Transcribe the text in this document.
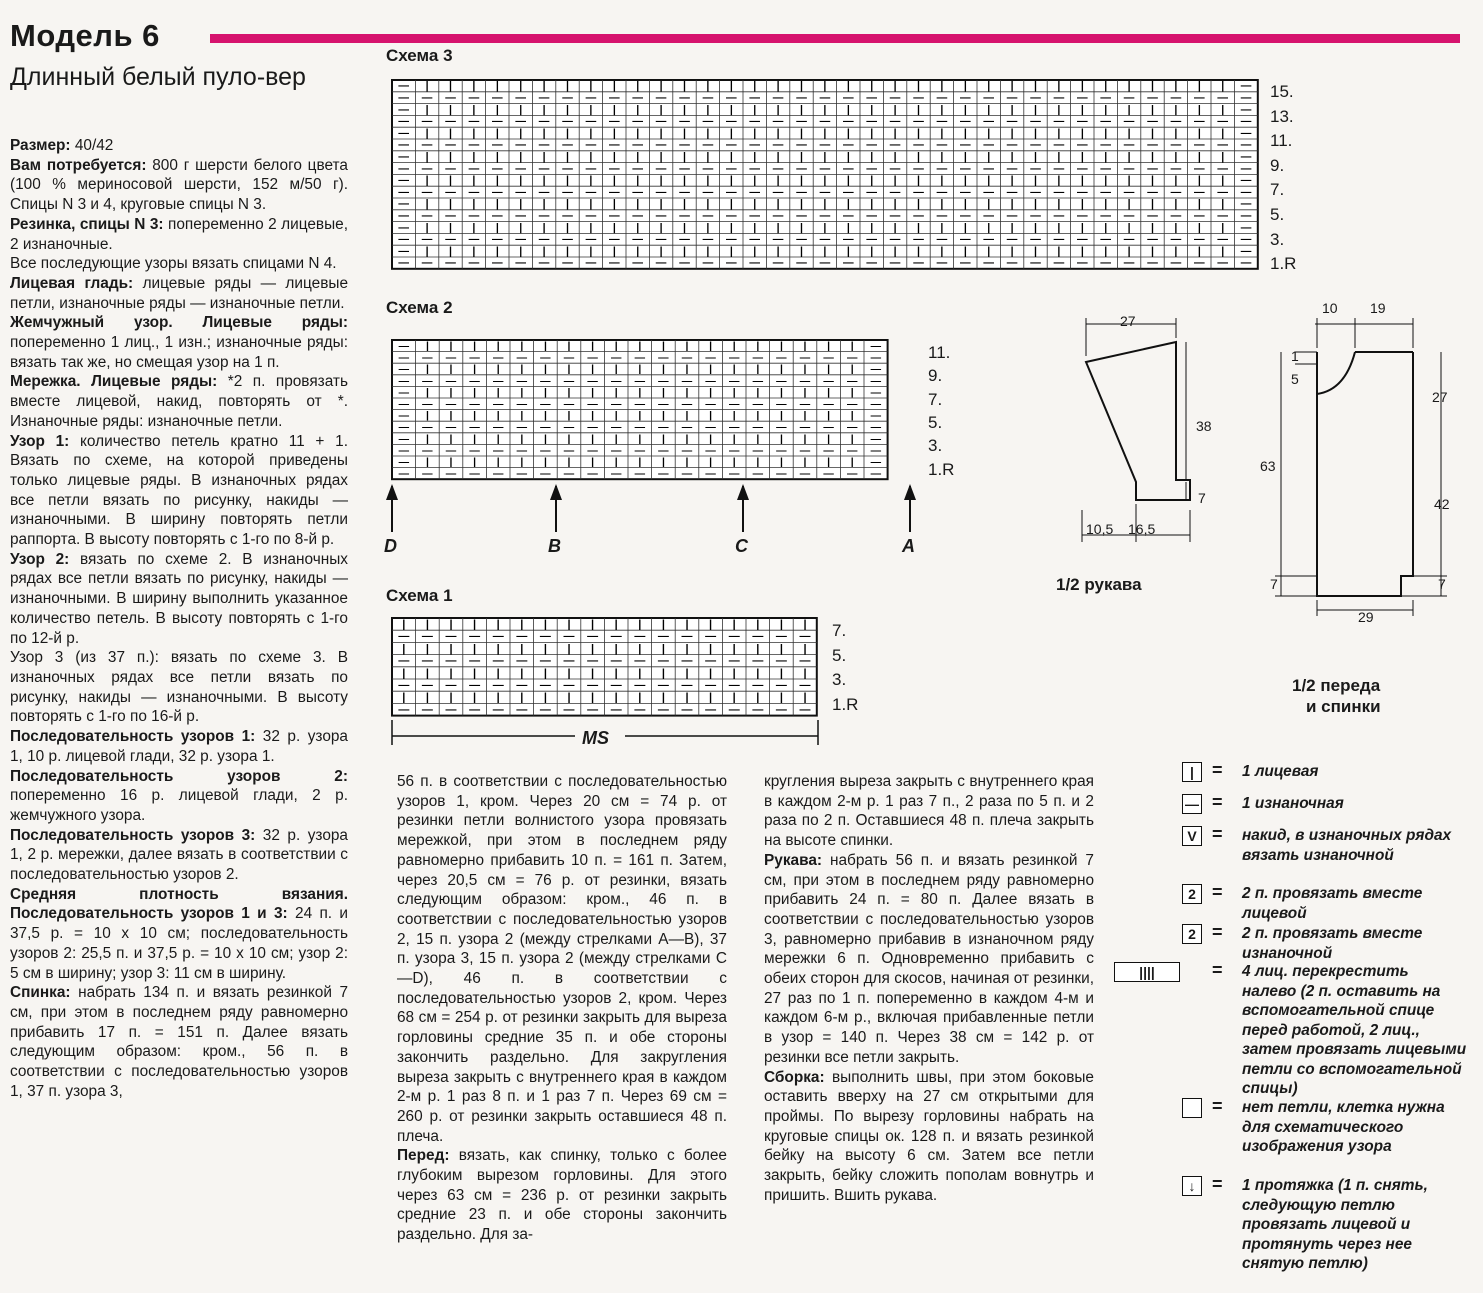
Модель 6
Длинный белый пуло-вер

Размер: 40/42

Вам потребуется: 800 г шерсти белого цвета (100 % мериносовой шерсти, 152 м/50 г). Спицы N 3 и 4, круговые спицы N 3.

Резинка, спицы N 3: попеременно 2 лицевые, 2 изнаночные.

Все последующие узоры вязать спицами N 4.

Лицевая гладь: лицевые ряды — лицевые петли, изнаночные ряды — изнаночные петли.

Жемчужный узор. Лицевые ряды: попеременно 1 лиц., 1 изн.; изнаночные ряды: вязать так же, но смещая узор на 1 п.

Мережка. Лицевые ряды: *2 п. провязать вместе лицевой, накид, повторять от *. Изнаночные ряды: изнаночные петли.

Узор 1: количество петель кратно 11 + 1. Вязать по схеме, на которой приведены только лицевые ряды. В изнаночных рядах все петли вязать по рисунку, накиды — изнаночными. В ширину повторять петли раппорта. В высоту повторять с 1-го по 8-й р.

Узор 2: вязать по схеме 2. В изнаночных рядах все петли вязать по рисунку, накиды — изнаночными. В ширину выполнить указанное количество петель. В высоту повторять с 1-го по 12-й р.

Узор 3 (из 37 п.): вязать по схеме 3. В изнаночных рядах все петли вязать по рисунку, накиды — изнаночными. В высоту повторять с 1-го по 16-й р.

Последовательность узоров 1: 32 р. узора 1, 10 р. лицевой глади, 32 р. узора 1.

Последовательность узоров 2: попеременно 16 р. лицевой глади, 2 р. жемчужного узора.

Последовательность узоров 3: 32 р. узора 1, 2 р. мережки, далее вязать в соответствии с последовательностью узоров 2.

Средняя плотность вязания. Последовательность узоров 1 и 3: 24 п. и 37,5 р. = 10 х 10 см; последовательность узоров 2: 25,5 п. и 37,5 р. = 10 х 10 см; узор 2: 5 см в ширину; узор 3: 11 см в ширину.

Спинка: набрать 134 п. и вязать резинкой 7 см, при этом в последнем ряду равномерно прибавить 17 п. = 151 п. Далее вязать следующим образом: кром., 56 п. в соответствии с последовательностью узоров 1, 37 п. узора 3,

56 п. в соответствии с последовательностью узоров 1, кром. Через 20 см = 74 р. от резинки петли волнистого узора провязать мережкой, при этом в последнем ряду равномерно прибавить 10 п. = 161 п. Затем, через 20,5 см = 76 р. от резинки, вязать следующим образом: кром., 46 п. в соответствии с последовательностью узоров 2, 15 п. узора 2 (между стрелками А—В), 37 п. узора 3, 15 п. узора 2 (между стрелками С—D), 46 п. в соответствии с последовательностью узоров 2, кром. Через 68 см = 254 р. от резинки закрыть для выреза горловины средние 35 п. и обе стороны закончить раздельно. Для закругления выреза закрыть с внутреннего края в каждом 2-м р. 1 раз 8 п. и 1 раз 7 п. Через 69 см = 260 р. от резинки закрыть оставшиеся 48 п. плеча.

Перед: вязать, как спинку, только с более глубоким вырезом горловины. Для этого через 63 см = 236 р. от резинки закрыть средние 23 п. и обе стороны закончить раздельно. Для за-

кругления выреза закрыть с внутреннего края в каждом 2-м р. 1 раз 7 п., 2 раза по 5 п. и 2 раза по 2 п. Оставшиеся 48 п. плеча закрыть на высоте спинки.

Рукава: набрать 56 п. и вязать резинкой 7 см, при этом в последнем ряду равномерно прибавить 24 п. = 80 п. Далее вязать в соответствии с последовательностью узоров 3, равномерно прибавив в изнаночном ряду мережки 6 п. Одновременно прибавить с обеих сторон для скосов, начиная от резинки, 27 раз по 1 п. попеременно в каждом 4-м и каждом 6-м р., включая прибавленные петли в узор = 140 п. Через 38 см = 142 р. от резинки все петли закрыть.

Сборка: выполнить швы, при этом боковые оставить вверху на 27 см открытыми для проймы. По вырезу горловины набрать на круговые спицы ок. 128 п. и вязать резинкой бейку на высоту 6 см. Затем все петли закрыть, бейку сложить пополам вовнутрь и пришить. Вшить рукава.

Схема 3
Схема 2
Схема 1
— | | | | | | | | | | | | | | | | | | | | | | | | | | | | | | | | | | | —
— — — — — — — — — — — — — — — — — — — — — — — — — — — — — — — — — — — — —
— | | | | | | | | | | | | | | | | | | | | | | | | | | | | | | | | | | | —
— — — — — — — — — — — — — — — — — — — — — — — — — — — — — — — — — — — — —
— | | | | | | | | | | | | | | | | | | | | | | | | | | | | | | | | | | | —
— — — — — — — — — — — — — — — — — — — — — — — — — — — — — — — — — — — — —
— | | | | | | | | | | | | | | | | | | | | | | | | | | | | | | | | | | | —
— — — — — — — — — — — — — — — — — — — — — — — — — — — — — — — — — — — — —
— | | | | | | | | | | | | | | | | | | | | | | | | | | | | | | | | | | | —
— — — — — — — — — — — — — — — — — — — — — — — — — — — — — — — — — — — — —
— | | | | | | | | | | | | | | | | | | | | | | | | | | | | | | | | | | | —
— — — — — — — — — — — — — — — — — — — — — — — — — — — — — — — — — — — — —
— | | | | | | | | | | | | | | | | | | | | | | | | | | | | | | | | | | | —
— — — — — — — — — — — — — — — — — — — — — — — — — — — — — — — — — — — — —
— | | | | | | | | | | | | | | | | | | | | | | | | | | | | | | | | | | | —
— — — — — — — — — — — — — — — — — — — — — — — — — — — — — — — — — — — — —
— | | | | | | | | | | | | | | | | | | | —
— — — — — — — — — — — — — — — — — — — — —
— | | | | | | | | | | | | | | | | | | | —
— — — — — — — — — — — — — — — — — — — — —
— | | | | | | | | | | | | | | | | | | | —
— — — — — — — — — — — — — — — — — — — — —
— | | | | | | | | | | | | | | | | | | | —
— — — — — — — — — — — — — — — — — — — — —
— | | | | | | | | | | | | | | | | | | | —
— — — — — — — — — — — — — — — — — — — — —
— | | | | | | | | | | | | | | | | | | | —
— — — — — — — — — — — — — — — — — — — — —
| | | | | | | | | | | | | | | | | |
— — — — — — — — — — — — — — — — — —
| | | | | | | | | | | | | | | | | |
— — — — — — — — — — — — — — — — — —
| | | | | | | | | | | | | | | | | |
— — — — — — — — — — — — — — — — — —
| | | | | | | | | | | | | | | | | |
— — — — — — — — — — — — — — — — — —
15.
13.
11.
9.
7.
5.
3.
1.R
11.
9.
7.
5.
3.
1.R
7.
5.
3.
1.R
D	B	C	A
MS
27
38
7
10,5 16,5
1/2 рукава
10 19
1
5
27
63
42
7	7
29
1/2 переда
и спинки
|	= 1 лицевая
— = 1 изнаночная
V = накид, в изнаночных рядах вязать изнаночной
2 = 2 п. провязать вместе лицевой
2 = 2 п. провязать вместе изнаночной
||||	= 4 лиц. перекрестить налево (2 п. оставить на вспомогательной спице перед работой, 2 лиц., затем провязать лицевыми петли со вспомогательной спицы)
= нет петли, клетка нужна для схематического изображения узора
↓ = 1 протяжка (1 п. снять, следующую петлю провязать лицевой и протянуть через нее снятую петлю)
